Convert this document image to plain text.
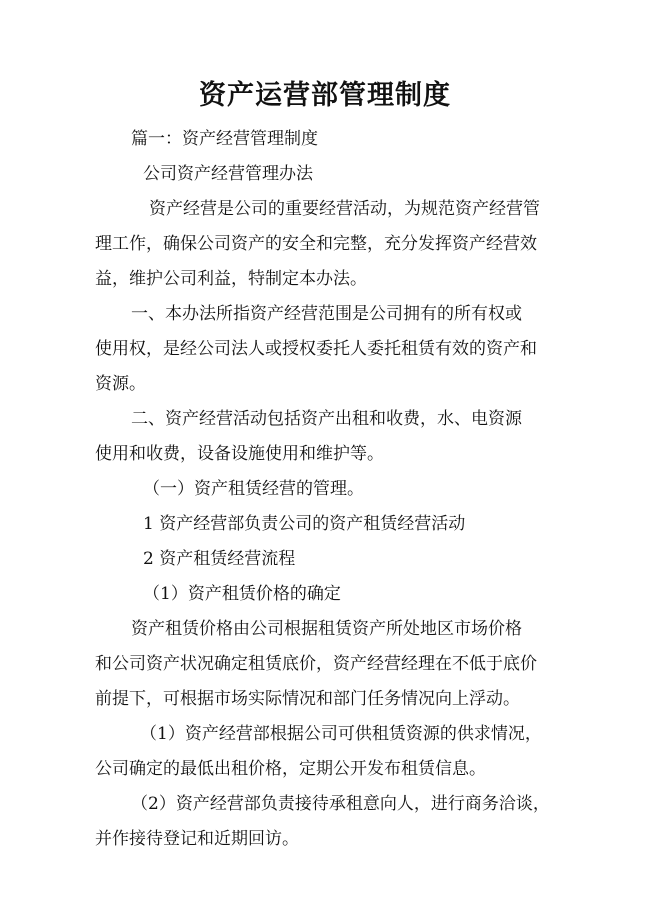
资产运营部管理制度
篇一：资产经营管理制度
公司资产经营管理办法
资产经营是公司的重要经营活动，为规范资产经营管
理工作，确保公司资产的安全和完整，充分发挥资产经营效
益，维护公司利益，特制定本办法。
一、本办法所指资产经营范围是公司拥有的所有权或
使用权，是经公司法人或授权委托人委托租赁有效的资产和
资源。
二、资产经营活动包括资产出租和收费，水、电资源
使用和收费，设备设施使用和维护等。
（一）资产租赁经营的管理。
1 资产经营部负责公司的资产租赁经营活动
2 资产租赁经营流程
（1）资产租赁价格的确定
资产租赁价格由公司根据租赁资产所处地区市场价格
和公司资产状况确定租赁底价，资产经营经理在不低于底价
前提下，可根据市场实际情况和部门任务情况向上浮动。
（1）资产经营部根据公司可供租赁资源的供求情况，
公司确定的最低出租价格，定期公开发布租赁信息。
（2）资产经营部负责接待承租意向人，进行商务洽谈，
并作接待登记和近期回访。
